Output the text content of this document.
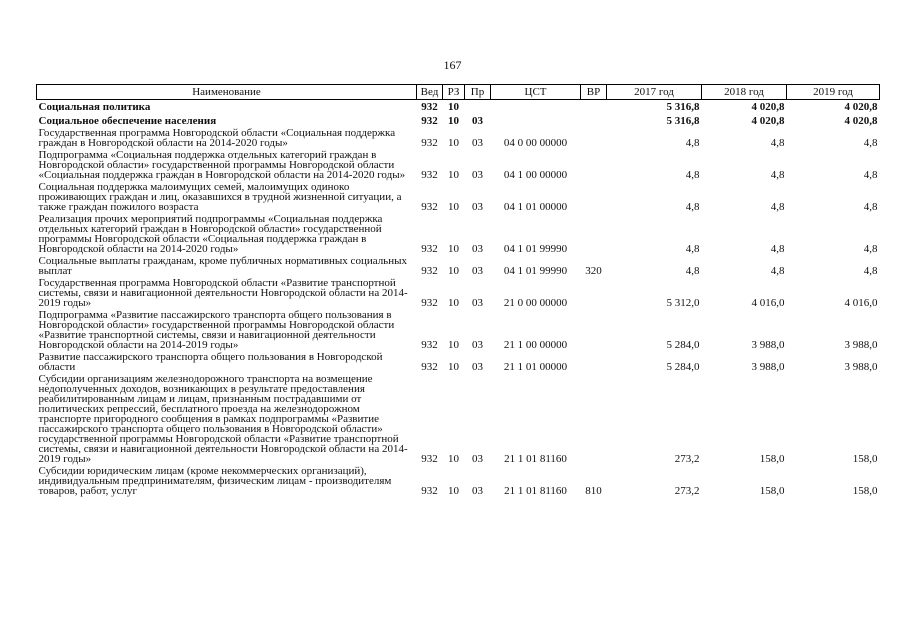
167
Наименование	Вед	РЗ	Пр	ЦСТ	ВР	2017 год	2018 год	2019 год
Социальная политика	932	10				5 316,8	4 020,8	4 020,8
Социальное обеспечение населения	932	10	03			5 316,8	4 020,8	4 020,8
Государственная программа Новгородской области «Социальная поддержка граждан в Новгородской области на 2014-2020 годы»	932	10	03	04 0 00 00000		4,8	4,8	4,8
Подпрограмма «Социальная поддержка отдельных категорий граждан в Новгородской области» государственной программы Новгородской области «Социальная поддержка граждан в Новгородской области на 2014-2020 годы»	932	10	03	04 1 00 00000		4,8	4,8	4,8
Социальная поддержка малоимущих семей, малоимущих одиноко проживающих граждан и лиц, оказавшихся в трудной жизненной ситуации, а также граждан пожилого возраста	932	10	03	04 1 01 00000		4,8	4,8	4,8
Реализация прочих мероприятий подпрограммы «Социальная поддержка отдельных категорий граждан в Новгородской области» государственной программы Новгородской области «Социальная поддержка граждан в Новгородской области на 2014-2020 годы»	932	10	03	04 1 01 99990		4,8	4,8	4,8
Социальные выплаты гражданам, кроме публичных нормативных социальных выплат	932	10	03	04 1 01 99990	320	4,8	4,8	4,8
Государственная программа Новгородской области «Развитие транспортной системы, связи и навигационной деятельности Новгородской области на 2014-2019 годы»	932	10	03	21 0 00 00000		5 312,0	4 016,0	4 016,0
Подпрограмма «Развитие пассажирского транспорта общего пользования в Новгородской области» государственной программы Новгородской области «Развитие транспортной системы, связи и навигационной деятельности Новгородской области на 2014-2019 годы»	932	10	03	21 1 00 00000		5 284,0	3 988,0	3 988,0
Развитие пассажирского транспорта общего пользования в Новгородской области	932	10	03	21 1 01 00000		5 284,0	3 988,0	3 988,0
Субсидии организациям железнодорожного транспорта на возмещение недополученных доходов, возникающих в результате предоставления реабилитированным лицам и лицам, признанным пострадавшими от политических репрессий, бесплатного проезда на железнодорожном транспорте пригородного сообщения в рамках подпрограммы «Развитие пассажирского транспорта общего пользования в Новгородской области» государственной программы Новгородской области «Развитие транспортной системы, связи и навигационной деятельности Новгородской области на 2014-2019 годы»	932	10	03	21 1 01 81160		273,2	158,0	158,0
Субсидии юридическим лицам (кроме некоммерческих организаций), индивидуальным предпринимателям, физическим лицам - производителям товаров, работ, услуг	932	10	03	21 1 01 81160	810	273,2	158,0	158,0
